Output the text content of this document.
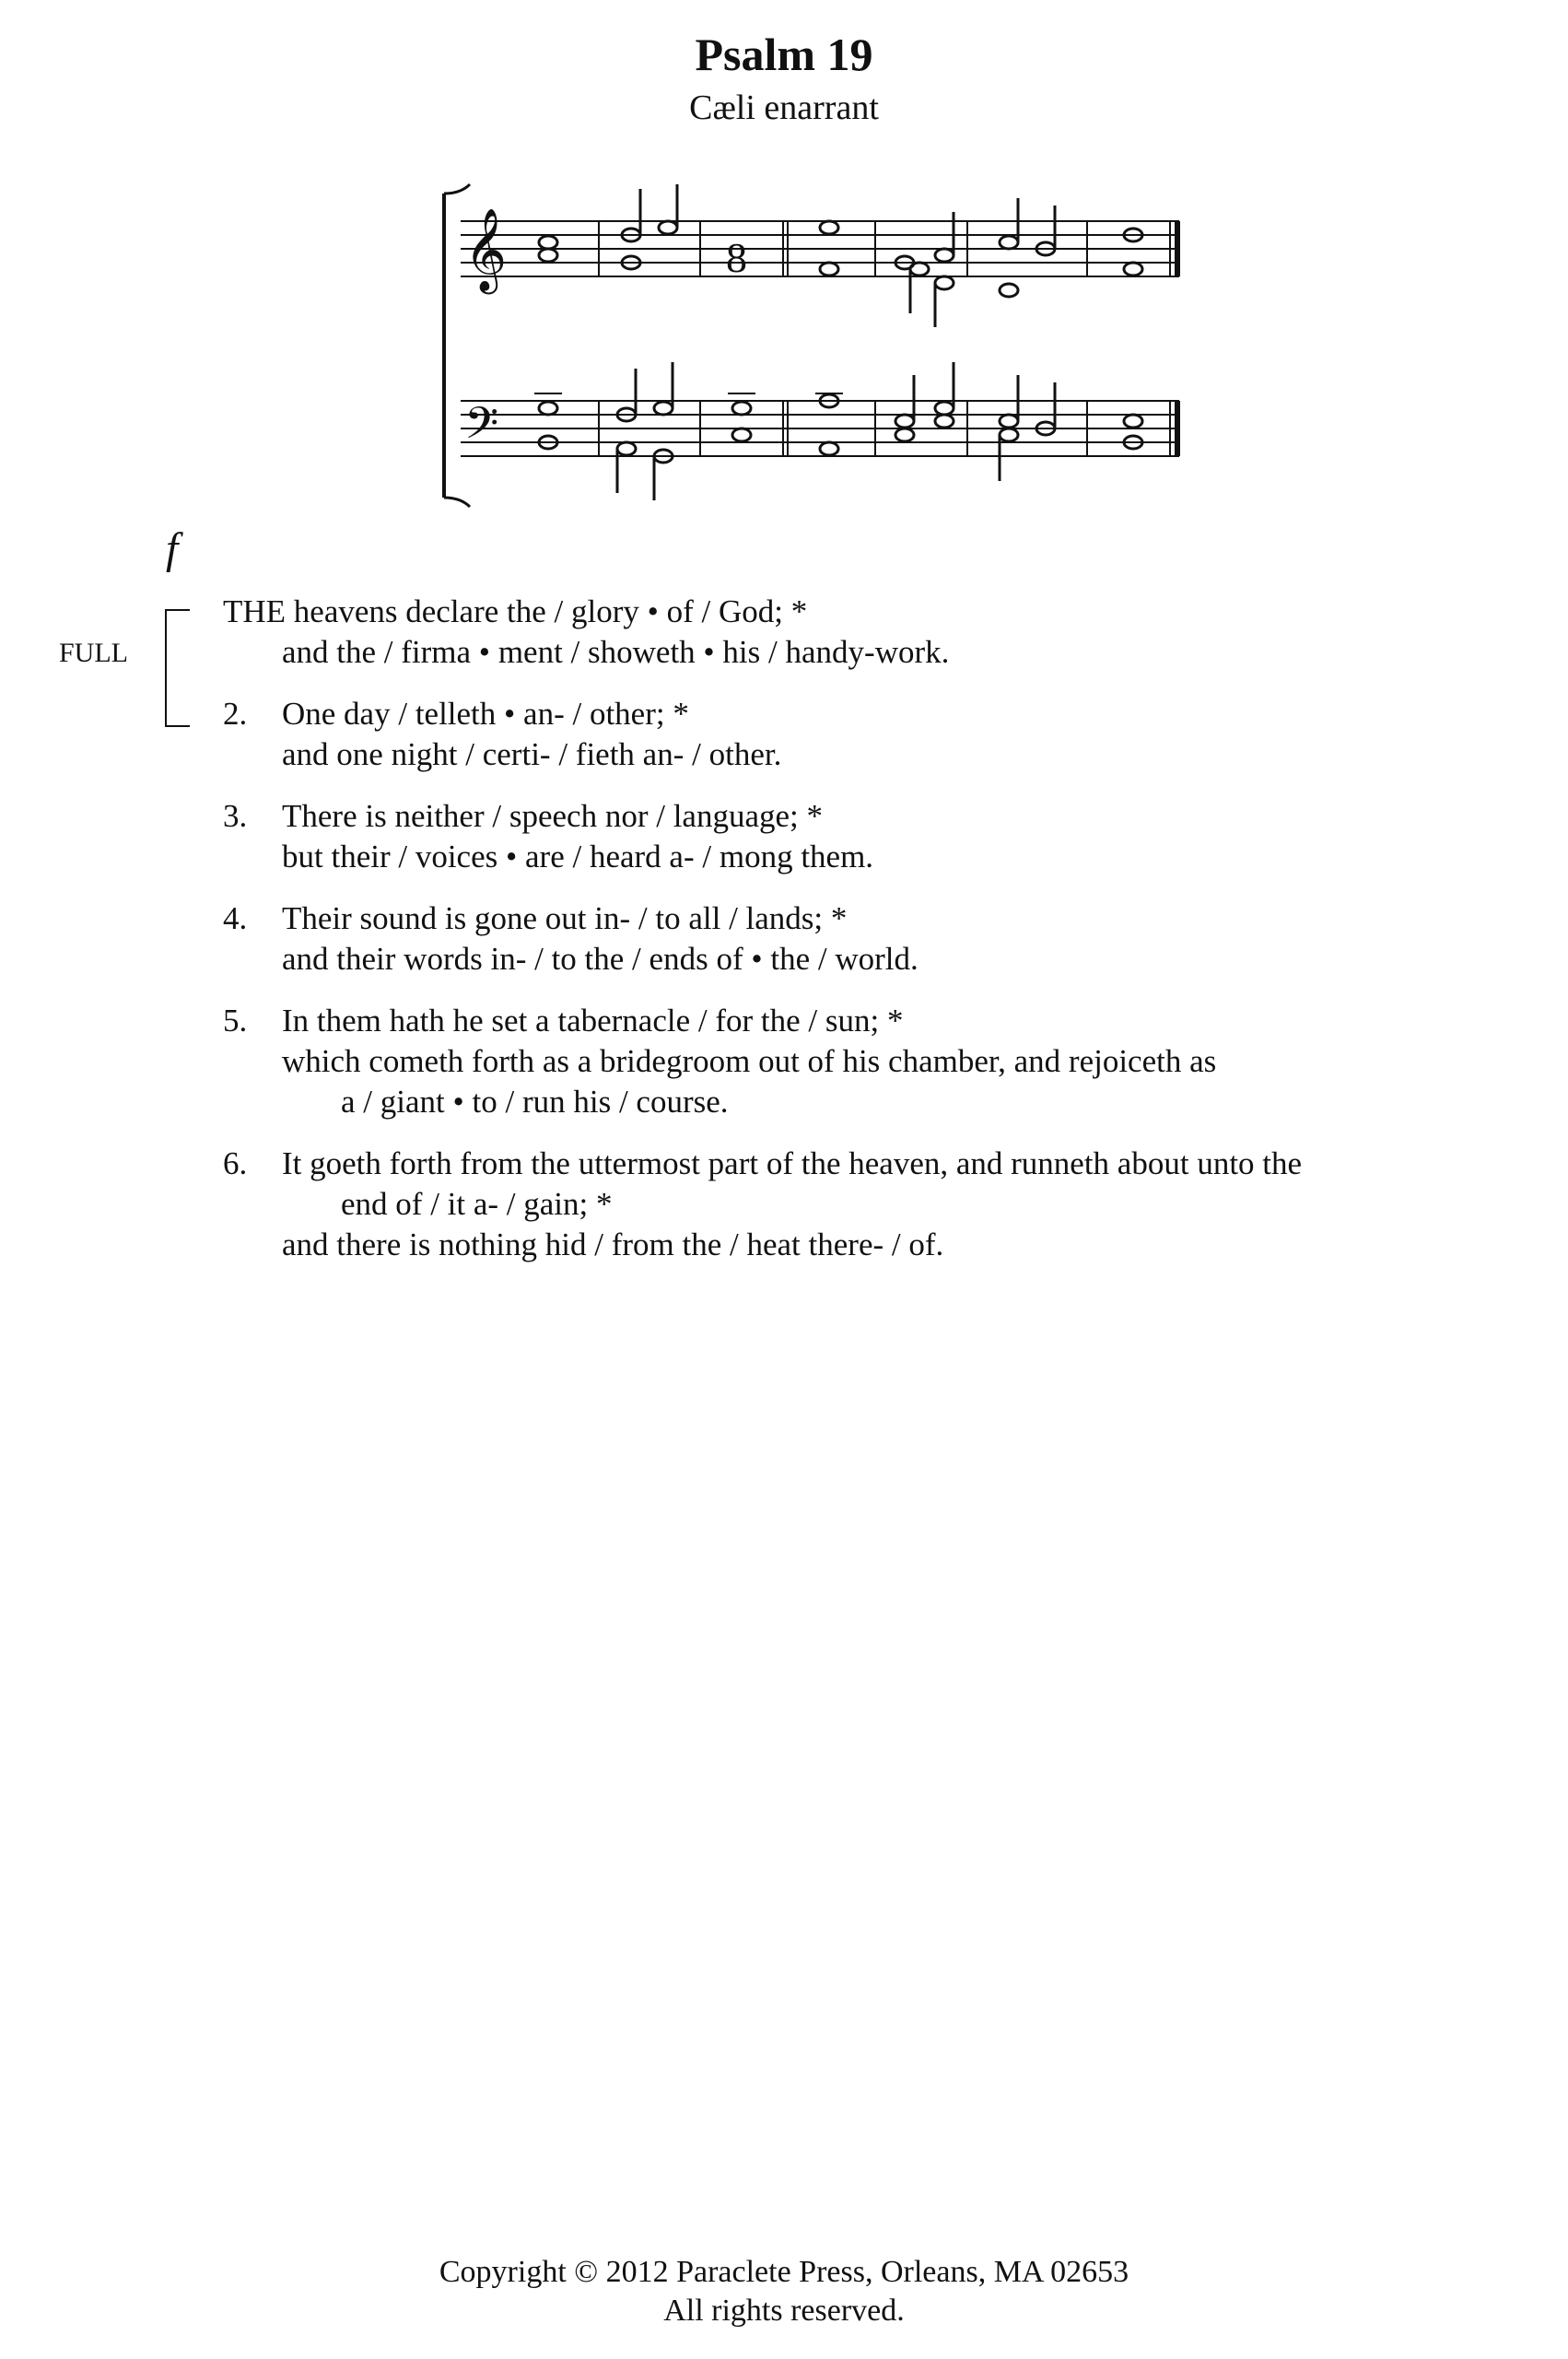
Psalm 19
Cæli enarrant
𝄞
𝄢
8
f
FULL
THE heavens declare the / glory • of / God; *
and the / firma • ment / showeth • his / handy-work.
2. One day / telleth • an- / other; *
and one night / certi- / fieth an- / other.
3. There is neither / speech nor / language; *
but their / voices • are / heard a- / mong them.
4. Their sound is gone out in- / to all / lands; *
and their words in- / to the / ends of • the / world.
5. In them hath he set a tabernacle / for the / sun; *
which cometh forth as a bridegroom out of his chamber, and rejoiceth as
a / giant • to / run his / course.
6. It goeth forth from the uttermost part of the heaven, and runneth about unto the
end of / it a- / gain; *
and there is nothing hid / from the / heat there- / of.
Copyright © 2012 Paraclete Press, Orleans, MA 02653
All rights reserved.
